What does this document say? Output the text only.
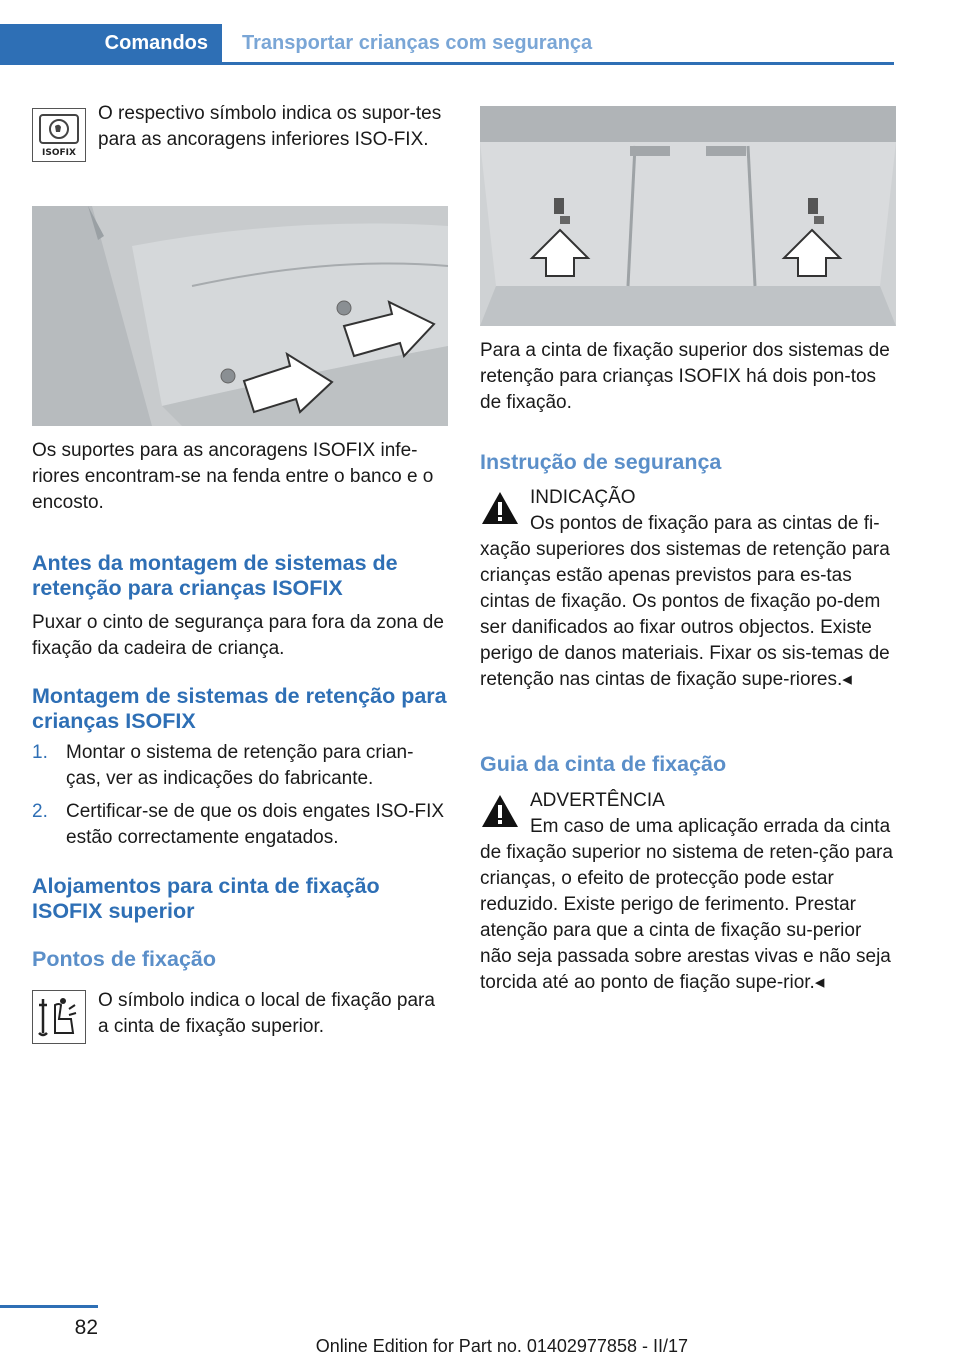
Comandos	Transportar crianças com segurança
ISOFIX

O respectivo símbolo indica os supor-tes para as ancoragens inferiores ISO-FIX.

Os suportes para as ancoragens ISOFIX infe-riores encontram-se na fenda entre o banco e o encosto.

Antes da montagem de sistemas de retenção para crianças ISOFIX

Puxar o cinto de segurança para fora da zona de fixação da cadeira de criança.

Montagem de sistemas de retenção para crianças ISOFIX
1. Montar o sistema de retenção para crian-ças, ver as indicações do fabricante.

2. Certificar-se de que os dois engates ISO-FIX estão correctamente engatados.

Alojamentos para cinta de fixação ISOFIX superior
Pontos de fixação

O símbolo indica o local de fixação para a cinta de fixação superior.

Para a cinta de fixação superior dos sistemas de retenção para crianças ISOFIX há dois pon-tos de fixação.

Instrução de segurança

INDICAÇÃO

Os pontos de fixação para as cintas de fi-xação superiores dos sistemas de retenção para crianças estão apenas previstos para es-tas cintas de fixação. Os pontos de fixação po-dem ser danificados ao fixar outros objectos. Existe perigo de danos materiais. Fixar os sis-temas de retenção nas cintas de fixação supe-riores.◂

Guia da cinta de fixação

ADVERTÊNCIA

Em caso de uma aplicação errada da cinta de fixação superior no sistema de reten-ção para crianças, o efeito de protecção pode estar reduzido. Existe perigo de ferimento. Prestar atenção para que a cinta de fixação su-perior não seja passada sobre arestas vivas e não seja torcida até ao ponto de fiação supe-rior.◂

82
Online Edition for Part no. 01402977858 - II/17
